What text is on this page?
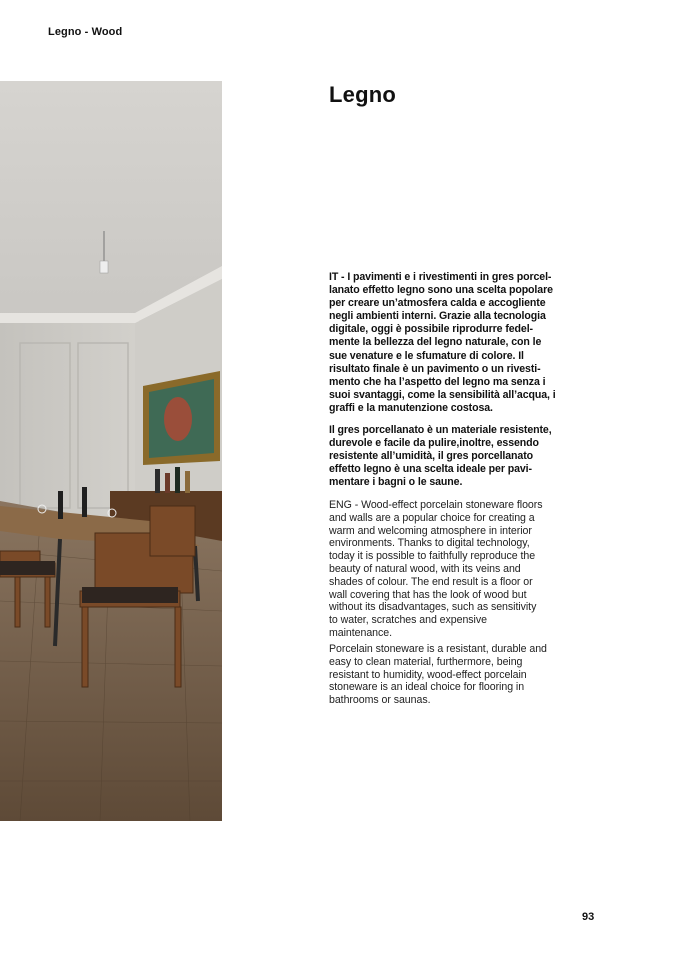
Legno - Wood
Legno

IT - I pavimenti e i rivestimenti in gres porcel-
lanato effetto legno sono una scelta popolare
per creare un’atmosfera calda e accogliente
negli ambienti interni. Grazie alla tecnologia
digitale, oggi è possibile riprodurre fedel-
mente la bellezza del legno naturale, con le
sue venature e le sfumature di colore. Il
risultato finale è un pavimento o un rivesti-
mento che ha l’aspetto del legno ma senza i
suoi svantaggi, come la sensibilità all’acqua, i
graffi e la manutenzione costosa.

Il gres porcellanato è un materiale resistente,
durevole e facile da pulire,inoltre, essendo
resistente all’umidità, il gres porcellanato
effetto legno è una scelta ideale per pavi-
mentare i bagni o le saune.

ENG - Wood-effect porcelain stoneware floors
and walls are a popular choice for creating a
warm and welcoming atmosphere in interior
environments. Thanks to digital technology,
today it is possible to faithfully reproduce the
beauty of natural wood, with its veins and
shades of colour. The end result is a floor or
wall covering that has the look of wood but
without its disadvantages, such as sensitivity
to water, scratches and expensive
maintenance.

Porcelain stoneware is a resistant, durable and
easy to clean material, furthermore, being
resistant to humidity, wood-effect porcelain
stoneware is an ideal choice for flooring in
bathrooms or saunas.

93
